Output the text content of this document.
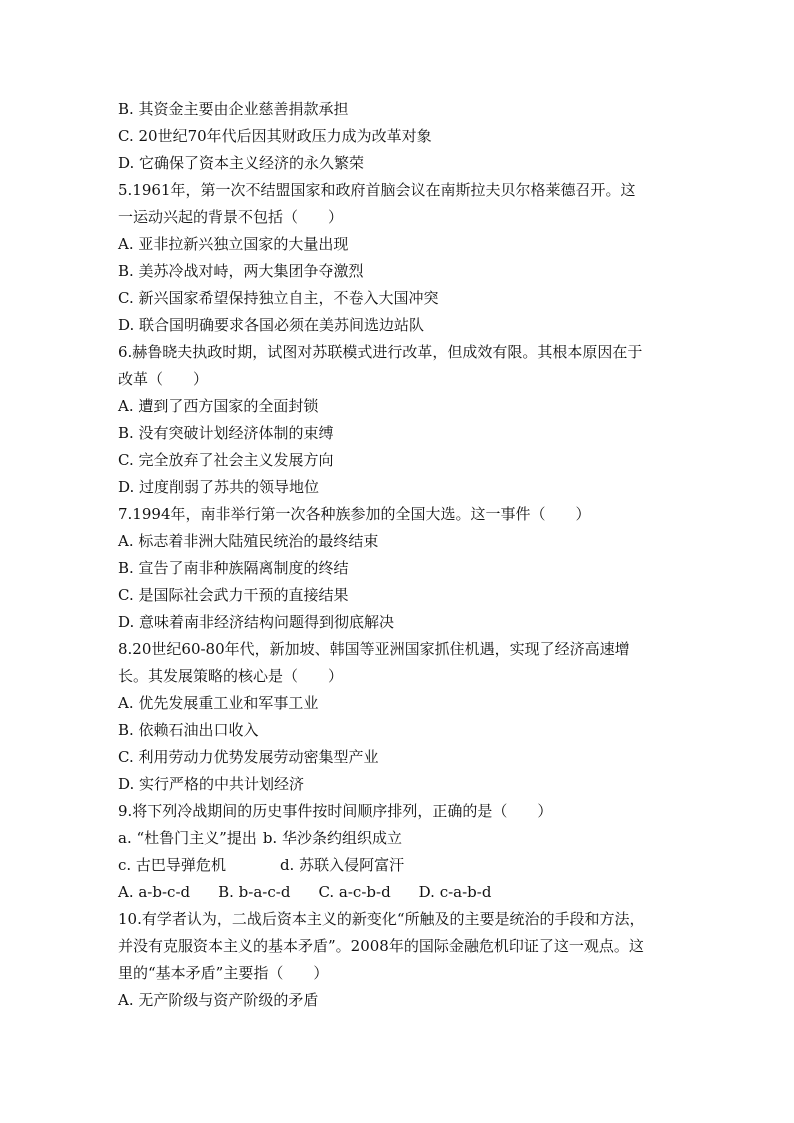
B. 其资金主要由企业慈善捐款承担
C. 20世纪70年代后因其财政压力成为改革对象
D. 它确保了资本主义经济的永久繁荣
5.1961年，第一次不结盟国家和政府首脑会议在南斯拉夫贝尔格莱德召开。这
一运动兴起的背景不包括（　　）
A. 亚非拉新兴独立国家的大量出现
B. 美苏冷战对峙，两大集团争夺激烈
C. 新兴国家希望保持独立自主，不卷入大国冲突
D. 联合国明确要求各国必须在美苏间选边站队
6.赫鲁晓夫执政时期，试图对苏联模式进行改革，但成效有限。其根本原因在于
改革（　　）
A. 遭到了西方国家的全面封锁
B. 没有突破计划经济体制的束缚
C. 完全放弃了社会主义发展方向
D. 过度削弱了苏共的领导地位
7.1994年，南非举行第一次各种族参加的全国大选。这一事件（　　）
A. 标志着非洲大陆殖民统治的最终结束
B. 宣告了南非种族隔离制度的终结
C. 是国际社会武力干预的直接结果
D. 意味着南非经济结构问题得到彻底解决
8.20世纪60-80年代，新加坡、韩国等亚洲国家抓住机遇，实现了经济高速增
长。其发展策略的核心是（　　）
A. 优先发展重工业和军事工业
B. 依赖石油出口收入
C. 利用劳动力优势发展劳动密集型产业
D. 实行严格的中共计划经济
9.将下列冷战期间的历史事件按时间顺序排列，正确的是（　　）
a. “杜鲁门主义”提出 b. 华沙条约组织成立
c. 古巴导弹危机	d. 苏联入侵阿富汗
A. a-b-c-d B. b-a-c-d C. a-c-b-d D. c-a-b-d
10.有学者认为，二战后资本主义的新变化“所触及的主要是统治的手段和方法，
并没有克服资本主义的基本矛盾”。2008年的国际金融危机印证了这一观点。这
里的“基本矛盾”主要指（　　）
A. 无产阶级与资产阶级的矛盾
